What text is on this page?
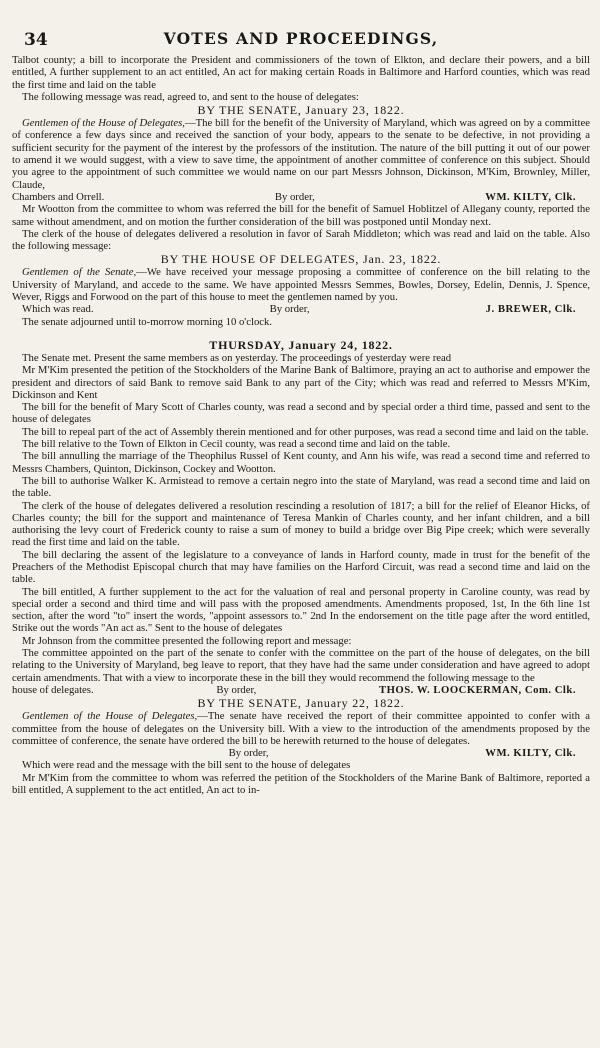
34	VOTES AND PROCEEDINGS,

Talbot county; a bill to incorporate the President and commissioners of the town of Elkton, and declare their powers, and a bill entitled, A further supplement to an act entitled, An act for making certain Roads in Baltimore and Harford counties, which was read the first time and laid on the table

The following message was read, agreed to, and sent to the house of delegates:

BY THE SENATE, January 23, 1822.

Gentlemen of the House of Delegates,—The bill for the benefit of the University of Maryland, which was agreed on by a committee of conference a few days since and received the sanction of your body, appears to the senate to be defective, in not providing a sufficient security for the payment of the interest by the professors of the institution. The nature of the bill putting it out of our power to amend it we would suggest, with a view to save time, the appointment of another committee of conference on this subject. Should you agree to the appointment of such committee we would name on our part Messrs Johnson, Dickinson, M'Kim, Brownley, Miller, Claude,

Chambers and Orrell.	By order,	WM. KILTY, Clk.

Mr Wootton from the committee to whom was referred the bill for the benefit of Samuel Hoblitzel of Allegany county, reported the same without amendment, and on motion the further consideration of the bill was postponed until Monday next.

The clerk of the house of delegates delivered a resolution in favor of Sarah Middleton; which was read and laid on the table. Also the following message:

BY THE HOUSE OF DELEGATES, Jan. 23, 1822.

Gentlemen of the Senate,—We have received your message proposing a committee of conference on the bill relating to the University of Maryland, and accede to the same. We have appointed Messrs Semmes, Bowles, Dorsey, Edelin, Dennis, J. Spence, Wever, Riggs and Forwood on the part of this house to meet the gentlemen named by you.

Which was read.	By order,	J. BREWER, Clk.

The senate adjourned until to-morrow morning 10 o'clock.

THURSDAY, January 24, 1822.

The Senate met. Present the same members as on yesterday. The proceedings of yesterday were read

Mr M'Kim presented the petition of the Stockholders of the Marine Bank of Baltimore, praying an act to authorise and empower the president and directors of said Bank to remove said Bank to any part of the City; which was read and referred to Messrs M'Kim, Dickinson and Kent

The bill for the benefit of Mary Scott of Charles county, was read a second and by special order a third time, passed and sent to the house of delegates

The bill to repeal part of the act of Assembly therein mentioned and for other purposes, was read a second time and laid on the table.

The bill relative to the Town of Elkton in Cecil county, was read a second time and laid on the table.

The bill annulling the marriage of the Theophilus Russel of Kent county, and Ann his wife, was read a second time and referred to Messrs Chambers, Quinton, Dickinson, Cockey and Wootton.

The bill to authorise Walker K. Armistead to remove a certain negro into the state of Maryland, was read a second time and laid on the table.

The clerk of the house of delegates delivered a resolution rescinding a resolution of 1817; a bill for the relief of Eleanor Hicks, of Charles county; the bill for the support and maintenance of Teresa Mankin of Charles county, and her infant children, and a bill authorising the levy court of Frederick county to raise a sum of money to build a bridge over Big Pipe creek; which were severally read the first time and laid on the table.

The bill declaring the assent of the legislature to a conveyance of lands in Harford county, made in trust for the benefit of the Preachers of the Methodist Episcopal church that may have families on the Harford Circuit, was read a second time and laid on the table.

The bill entitled, A further supplement to the act for the valuation of real and personal property in Caroline county, was read by special order a second and third time and will pass with the proposed amendments. Amendments proposed, 1st, In the 6th line 1st section, after the word "to" insert the words, "appoint assessors to." 2nd In the endorsement on the title page after the word entitled, Strike out the words "An act as." Sent to the house of delegates

Mr Johnson from the committee presented the following report and message:

The committee appointed on the part of the senate to confer with the committee on the part of the house of delegates, on the bill relating to the University of Maryland, beg leave to report, that they have had the same under consideration and have agreed to adopt certain amendments. That with a view to incorporate these in the bill they would recommend the following message to the

house of delegates.	By order,	THOS. W. LOOCKERMAN, Com. Clk.
BY THE SENATE, January 22, 1822.

Gentlemen of the House of Delegates,—The senate have received the report of their committee appointed to confer with a committee from the house of delegates on the University bill. With a view to the introduction of the amendments proposed by the committee of conference, the senate have ordered the bill to be herewith returned to the house of delegates.

By order,	WM. KILTY, Clk.

Which were read and the message with the bill sent to the house of delegates

Mr M'Kim from the committee to whom was referred the petition of the Stockholders of the Marine Bank of Baltimore, reported a bill entitled, A supplement to the act entitled, An act to in-
